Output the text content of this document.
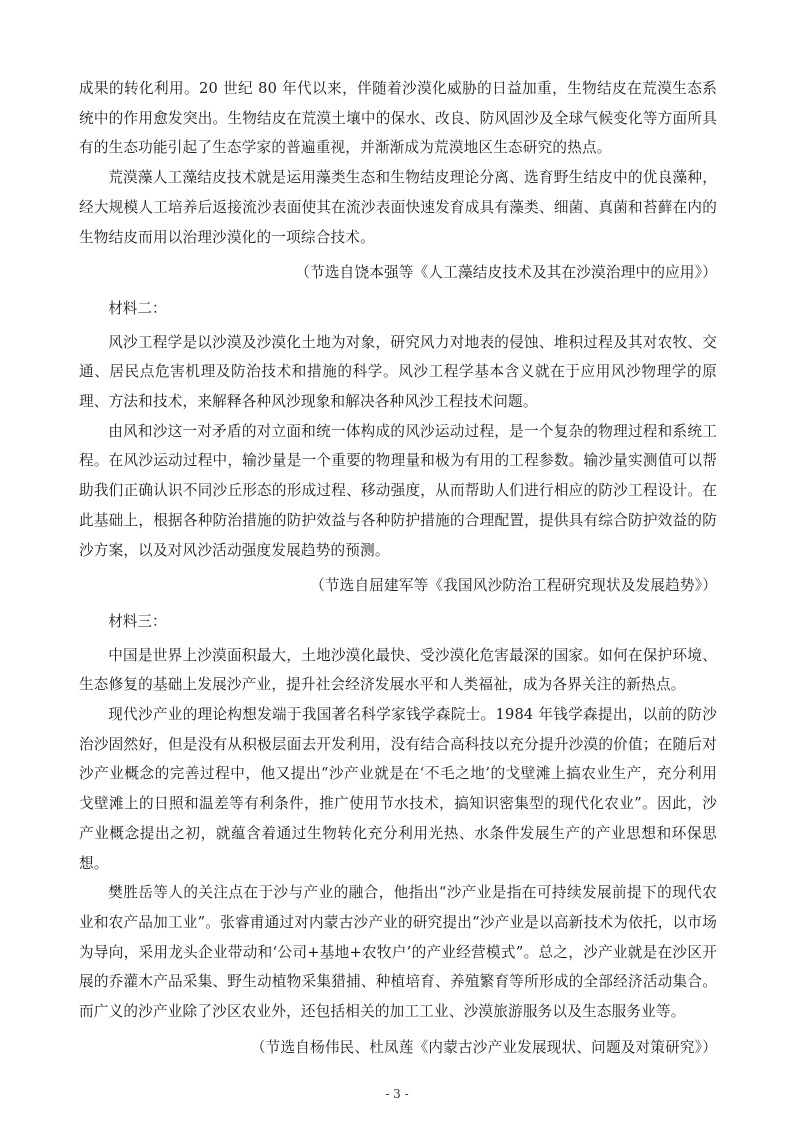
成果的转化利用。20 世纪 80 年代以来，伴随着沙漠化威胁的日益加重，生物结皮在荒漠生态系统中的作用愈发突出。生物结皮在荒漠土壤中的保水、改良、防风固沙及全球气候变化等方面所具有的生态功能引起了生态学家的普遍重视，并渐渐成为荒漠地区生态研究的热点。

荒漠藻人工藻结皮技术就是运用藻类生态和生物结皮理论分离、选育野生结皮中的优良藻种，经大规模人工培养后返接流沙表面使其在流沙表面快速发育成具有藻类、细菌、真菌和苔藓在内的生物结皮而用以治理沙漠化的一项综合技术。

（节选自饶本强等《人工藻结皮技术及其在沙漠治理中的应用》）
材料二：

风沙工程学是以沙漠及沙漠化土地为对象，研究风力对地表的侵蚀、堆积过程及其对农牧、交通、居民点危害机理及防治技术和措施的科学。风沙工程学基本含义就在于应用风沙物理学的原理、方法和技术，来解释各种风沙现象和解决各种风沙工程技术问题。

由风和沙这一对矛盾的对立面和统一体构成的风沙运动过程，是一个复杂的物理过程和系统工程。在风沙运动过程中，输沙量是一个重要的物理量和极为有用的工程参数。输沙量实测值可以帮助我们正确认识不同沙丘形态的形成过程、移动强度，从而帮助人们进行相应的防沙工程设计。在此基础上，根据各种防治措施的防护效益与各种防护措施的合理配置，提供具有综合防护效益的防沙方案，以及对风沙活动强度发展趋势的预测。

（节选自屈建军等《我国风沙防治工程研究现状及发展趋势》）
材料三：

中国是世界上沙漠面积最大，土地沙漠化最快、受沙漠化危害最深的国家。如何在保护环境、生态修复的基础上发展沙产业，提升社会经济发展水平和人类福祉，成为各界关注的新热点。

现代沙产业的理论构想发端于我国著名科学家钱学森院士。1984 年钱学森提出，以前的防沙治沙固然好，但是没有从积极层面去开发利用，没有结合高科技以充分提升沙漠的价值；在随后对沙产业概念的完善过程中，他又提出“沙产业就是在‘不毛之地’的戈壁滩上搞农业生产，充分利用戈壁滩上的日照和温差等有利条件，推广使用节水技术，搞知识密集型的现代化农业”。因此，沙产业概念提出之初，就蕴含着通过生物转化充分利用光热、水条件发展生产的产业思想和环保思想。

樊胜岳等人的关注点在于沙与产业的融合，他指出“沙产业是指在可持续发展前提下的现代农业和农产品加工业”。张睿甫通过对内蒙古沙产业的研究提出“沙产业是以高新技术为依托，以市场为导向，采用龙头企业带动和‘公司+基地+农牧户’的产业经营模式”。总之，沙产业就是在沙区开展的乔灌木产品采集、野生动植物采集猎捕、种植培育、养殖繁育等所形成的全部经济活动集合。而广义的沙产业除了沙区农业外，还包括相关的加工工业、沙漠旅游服务以及生态服务业等。

（节选自杨伟民、杜凤莲《内蒙古沙产业发展现状、问题及对策研究》）
- 3 -
